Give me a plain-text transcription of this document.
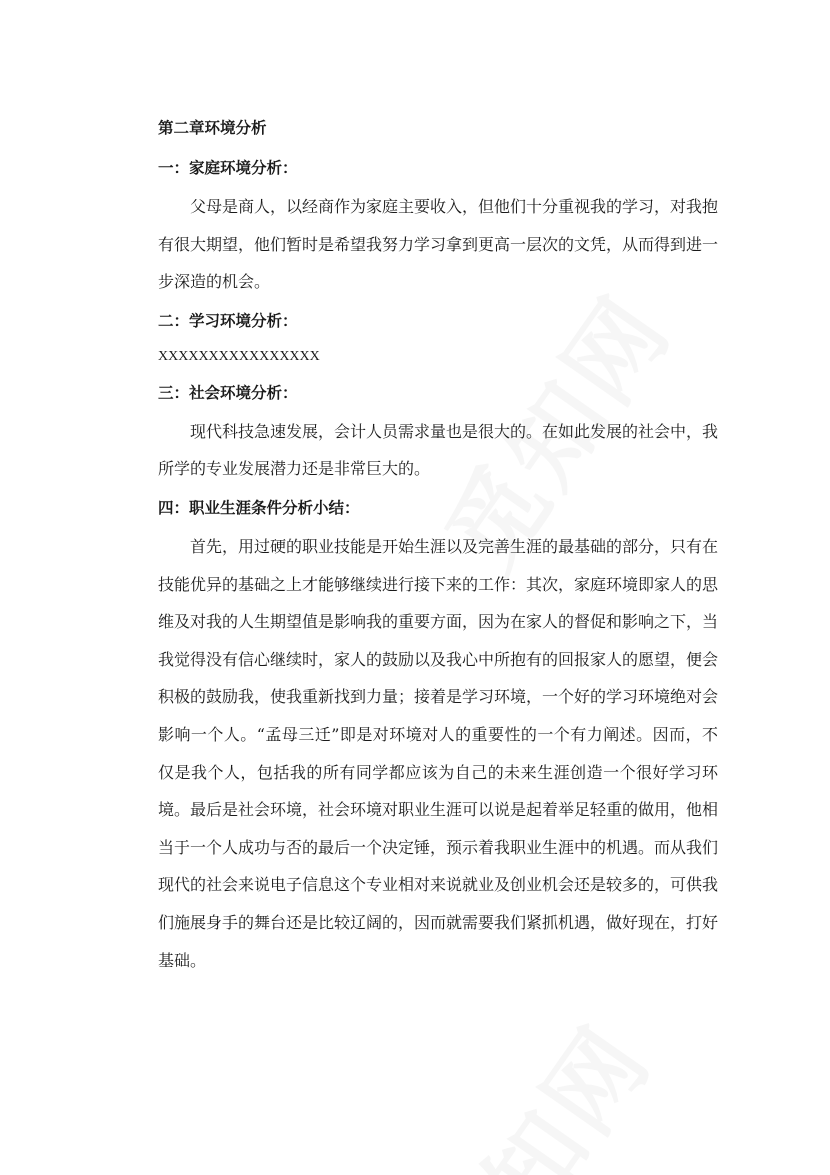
第二章环境分析
一：家庭环境分析：

父母是商人，以经商作为家庭主要收入，但他们十分重视我的学习，对我抱有很大期望，他们暂时是希望我努力学习拿到更高一层次的文凭，从而得到进一步深造的机会。

二：学习环境分析：

XXXXXXXXXXXXXXXX

三：社会环境分析：

现代科技急速发展，会计人员需求量也是很大的。在如此发展的社会中，我所学的专业发展潜力还是非常巨大的。

四：职业生涯条件分析小结：

首先，用过硬的职业技能是开始生涯以及完善生涯的最基础的部分，只有在技能优异的基础之上才能够继续进行接下来的工作：其次，家庭环境即家人的思维及对我的人生期望值是影响我的重要方面，因为在家人的督促和影响之下，当我觉得没有信心继续时，家人的鼓励以及我心中所抱有的回报家人的愿望，便会积极的鼓励我，使我重新找到力量；接着是学习环境，一个好的学习环境绝对会影响一个人。“孟母三迁”即是对环境对人的重要性的一个有力阐述。因而，不仅是我个人，包括我的所有同学都应该为自己的未来生涯创造一个很好学习环境。最后是社会环境，社会环境对职业生涯可以说是起着举足轻重的做用，他相当于一个人成功与否的最后一个决定锤，预示着我职业生涯中的机遇。而从我们现代的社会来说电子信息这个专业相对来说就业及创业机会还是较多的，可供我们施展身手的舞台还是比较辽阔的，因而就需要我们紧抓机遇，做好现在，打好基础。
